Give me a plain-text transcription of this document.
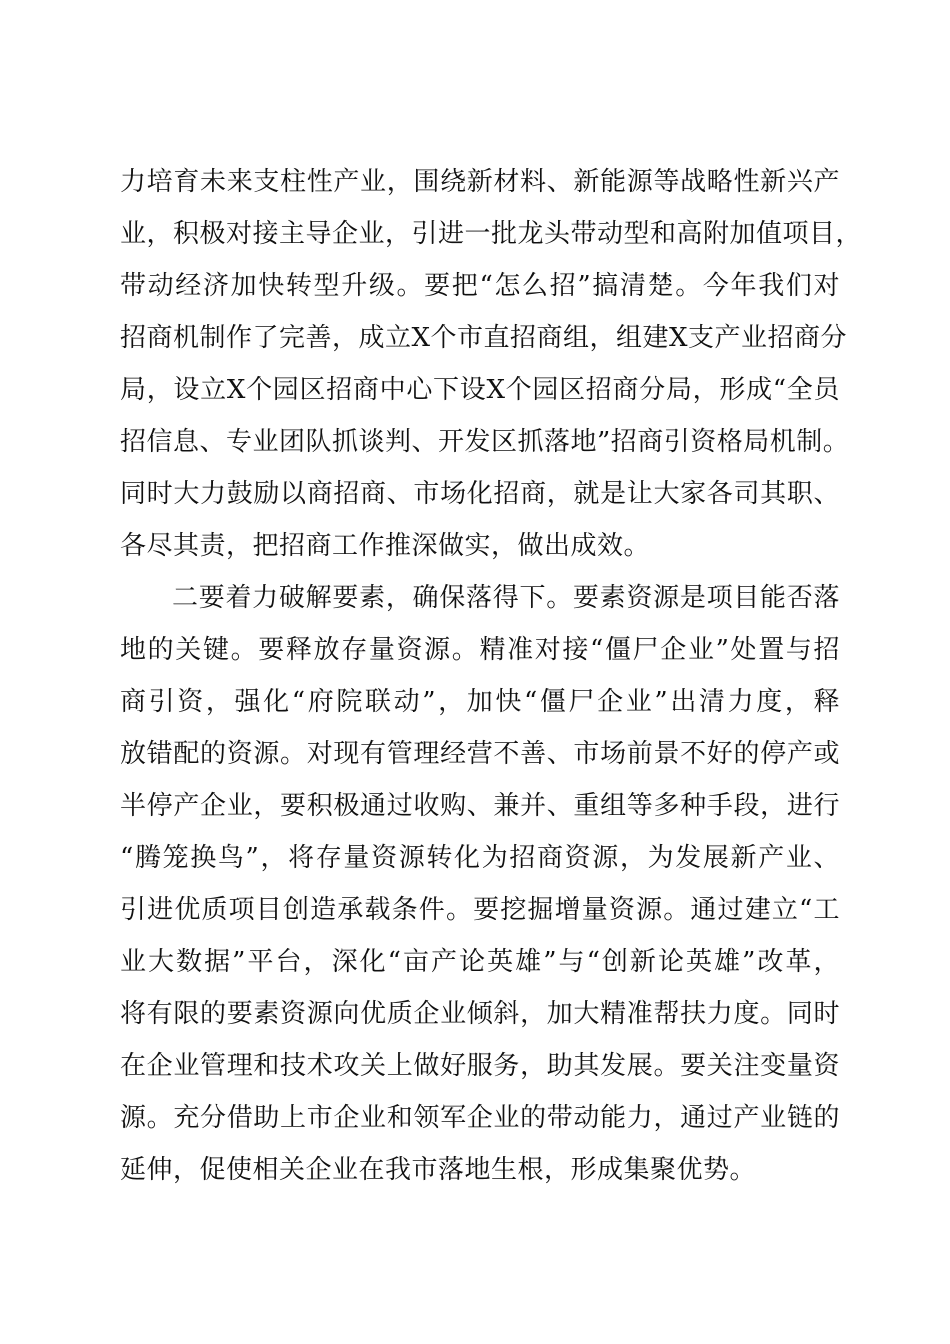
力培育未来支柱性产业，围绕新材料、新能源等战略性新兴产
业，积极对接主导企业，引进一批龙头带动型和高附加值项目，
带动经济加快转型升级。要把“怎么招”搞清楚。今年我们对
招商机制作了完善，成立X个市直招商组，组建X支产业招商分
局，设立X个园区招商中心下设X个园区招商分局，形成“全员
招信息、专业团队抓谈判、开发区抓落地”招商引资格局机制。
同时大力鼓励以商招商、市场化招商，就是让大家各司其职、
各尽其责，把招商工作推深做实，做出成效。
二要着力破解要素，确保落得下。要素资源是项目能否落
地的关键。要释放存量资源。精准对接“僵尸企业”处置与招
商引资，强化“府院联动”，加快“僵尸企业”出清力度，释
放错配的资源。对现有管理经营不善、市场前景不好的停产或
半停产企业，要积极通过收购、兼并、重组等多种手段，进行
“腾笼换鸟”，将存量资源转化为招商资源，为发展新产业、
引进优质项目创造承载条件。要挖掘增量资源。通过建立“工
业大数据”平台，深化“亩产论英雄”与“创新论英雄”改革，
将有限的要素资源向优质企业倾斜，加大精准帮扶力度。同时
在企业管理和技术攻关上做好服务，助其发展。要关注变量资
源。充分借助上市企业和领军企业的带动能力，通过产业链的
延伸，促使相关企业在我市落地生根，形成集聚优势。
